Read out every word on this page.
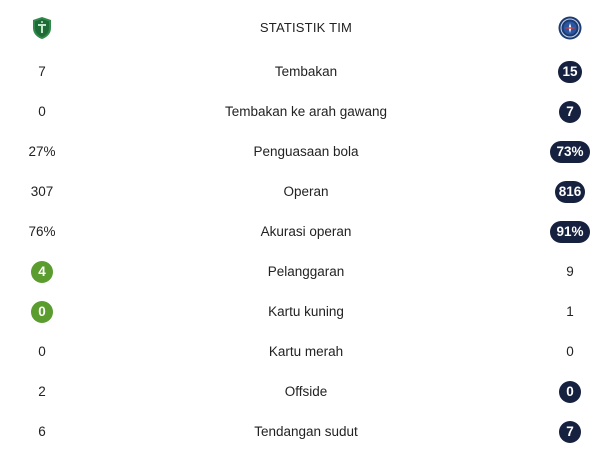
STATISTIK TIM
7	Tembakan	15
0	Tembakan ke arah gawang	7
27%	Penguasaan bola	73%
307	Operan	816
76%	Akurasi operan	91%
4	Pelanggaran	9
0	Kartu kuning	1
0	Kartu merah	0
2	Offside	0
6	Tendangan sudut	7
